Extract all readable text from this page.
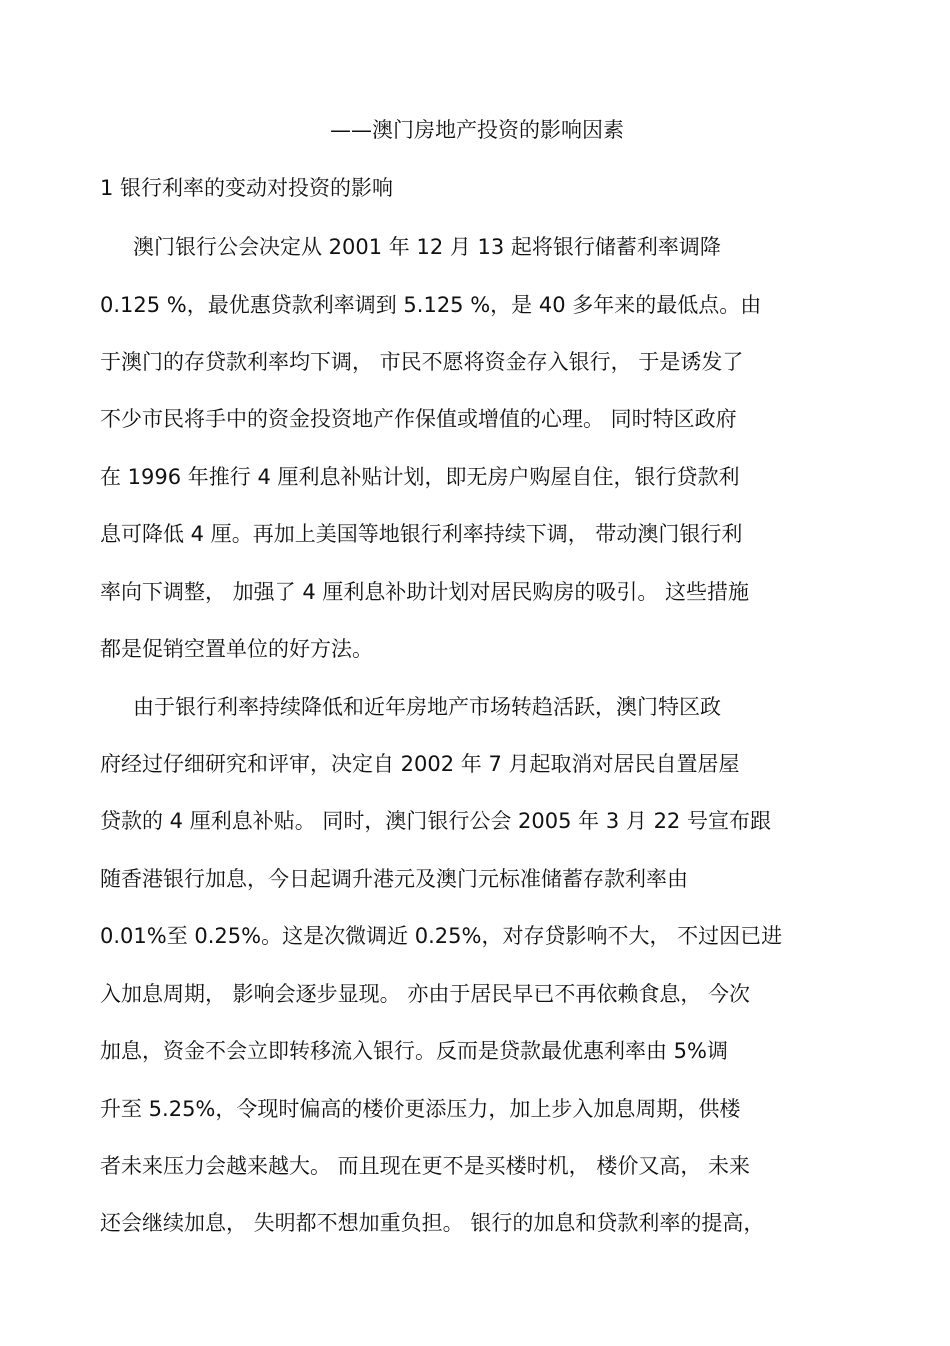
——澳门房地产投资的影响因素
1 银行利率的变动对投资的影响
澳门银行公会决定从 2001 年 12 月 13 起将银行储蓄利率调降
0.125 %，最优惠贷款利率调到 5.125 %，是 40 多年来的最低点。由
于澳门的存贷款利率均下调， 市民不愿将资金存入银行， 于是诱发了
不少市民将手中的资金投资地产作保值或增值的心理。 同时特区政府
在 1996 年推行 4 厘利息补贴计划，即无房户购屋自住，银行贷款利
息可降低 4 厘。再加上美国等地银行利率持续下调， 带动澳门银行利
率向下调整， 加强了 4 厘利息补助计划对居民购房的吸引。 这些措施
都是促销空置单位的好方法。
由于银行利率持续降低和近年房地产市场转趋活跃，澳门特区政
府经过仔细研究和评审，决定自 2002 年 7 月起取消对居民自置居屋
贷款的 4 厘利息补贴。 同时，澳门银行公会 2005 年 3 月 22 号宣布跟
随香港银行加息，今日起调升港元及澳门元标准储蓄存款利率由
0.01%至 0.25%。这是次微调近 0.25%，对存贷影响不大， 不过因已进
入加息周期， 影响会逐步显现。 亦由于居民早已不再依赖食息， 今次
加息，资金不会立即转移流入银行。反而是贷款最优惠利率由 5%调
升至 5.25%，令现时偏高的楼价更添压力，加上步入加息周期，供楼
者未来压力会越来越大。 而且现在更不是买楼时机， 楼价又高， 未来
还会继续加息， 失明都不想加重负担。 银行的加息和贷款利率的提高，
